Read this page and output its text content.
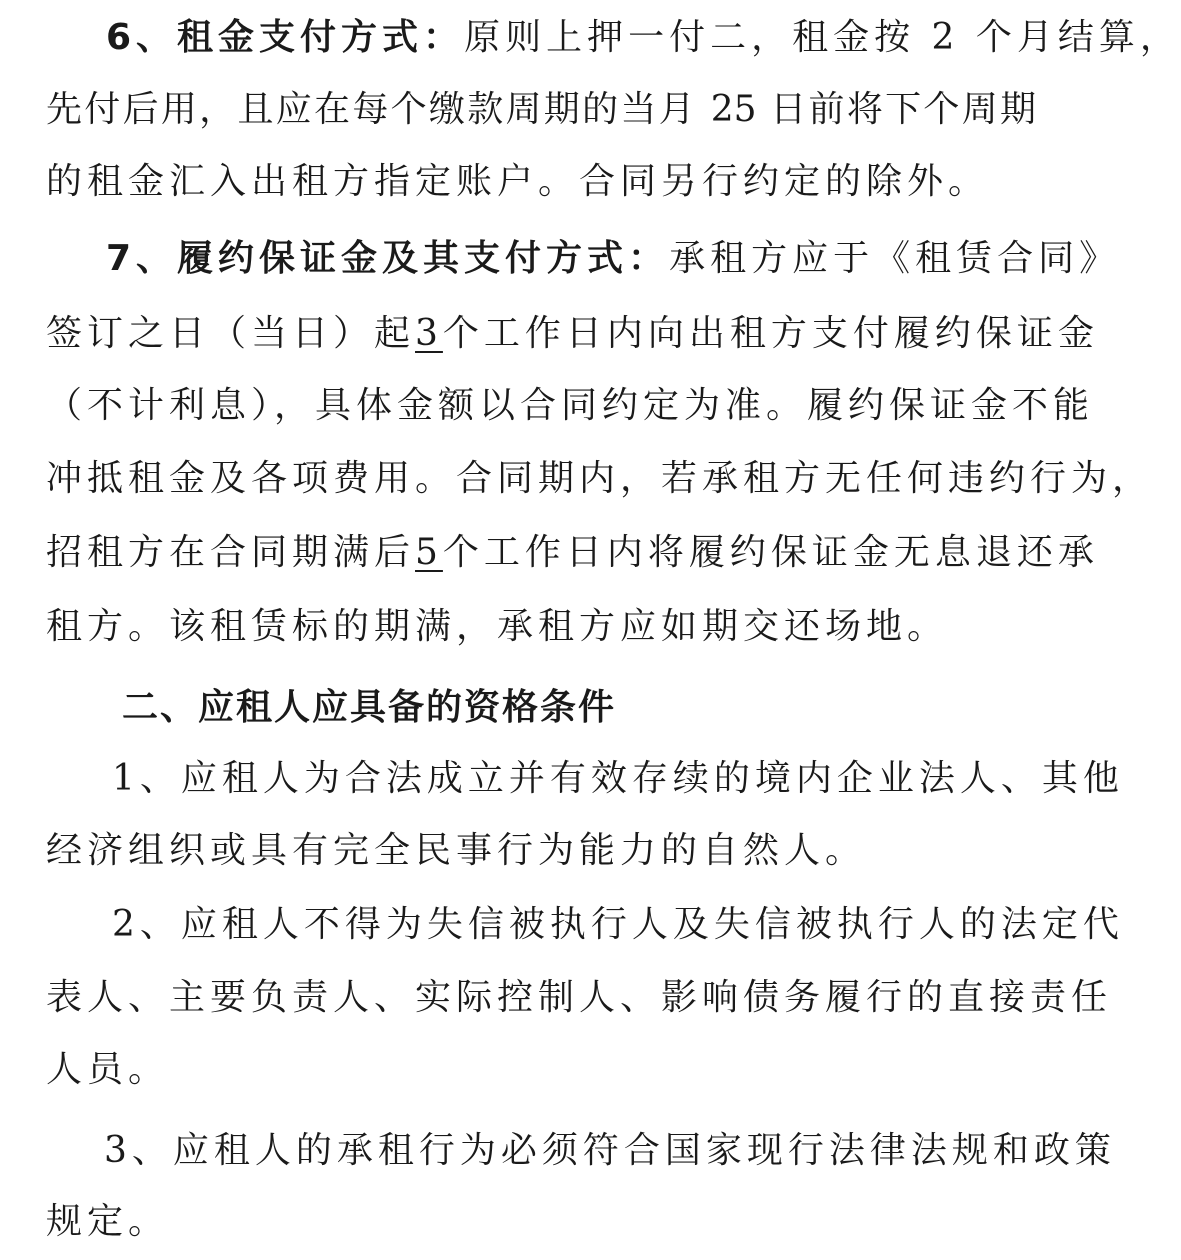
6、租金支付方式：原则上押一付二，租金按 2 个月结算，
先付后用，且应在每个缴款周期的当月 25 日前将下个周期
的租金汇入出租方指定账户。合同另行约定的除外。
7、履约保证金及其支付方式：承租方应于《租赁合同》
签订之日（当日）起3个工作日内向出租方支付履约保证金
（不计利息），具体金额以合同约定为准。履约保证金不能
冲抵租金及各项费用。合同期内，若承租方无任何违约行为，
招租方在合同期满后5个工作日内将履约保证金无息退还承
租方。该租赁标的期满，承租方应如期交还场地。
二、应租人应具备的资格条件
1、应租人为合法成立并有效存续的境内企业法人、其他
经济组织或具有完全民事行为能力的自然人。
2、应租人不得为失信被执行人及失信被执行人的法定代
表人、主要负责人、实际控制人、影响债务履行的直接责任
人员。
3、应租人的承租行为必须符合国家现行法律法规和政策
规定。
